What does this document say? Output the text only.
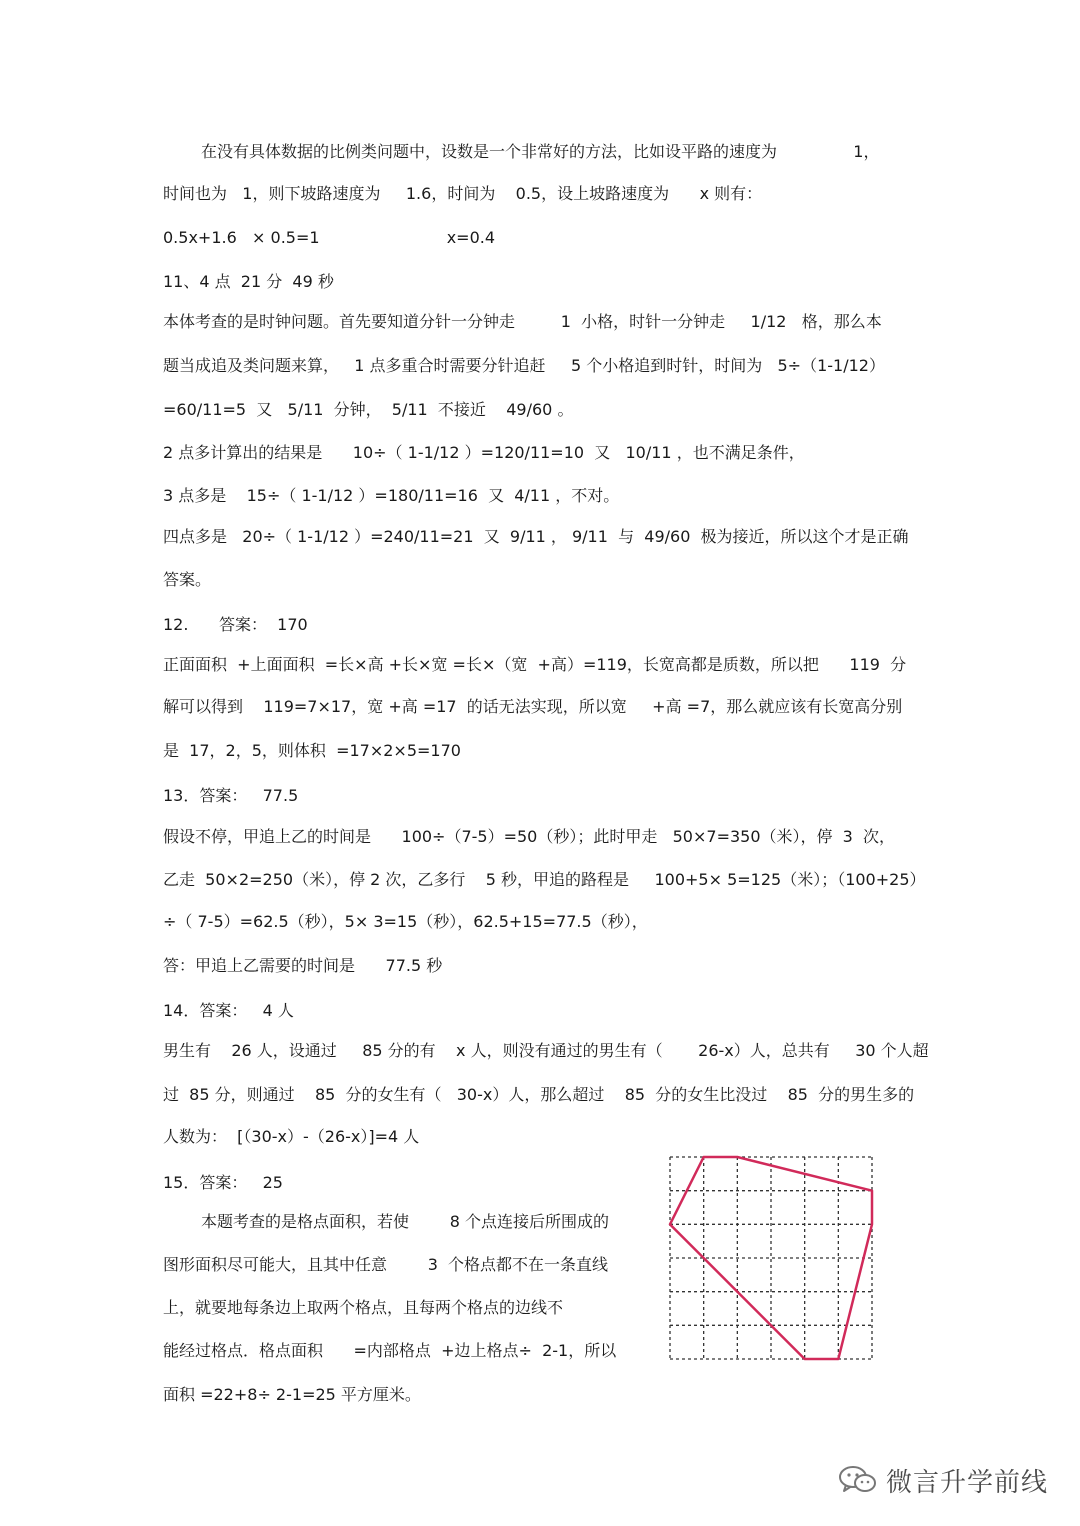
在没有具体数据的比例类问题中，设数是一个非常好的方法，比如设平路的速度为               1，
时间也为   1，则下坡路速度为     1.6，时间为    0.5，设上坡路速度为      x 则有：
0.5x+1.6   × 0.5=1                         x=0.4
11、4 点  21 分  49 秒
本体考查的是时钟问题。首先要知道分针一分钟走         1  小格，时针一分钟走     1/12   格，那么本
题当成追及类问题来算，   1 点多重合时需要分针追赶     5 个小格追到时针，时间为   5÷（1-1/12）
=60/11=5  又   5/11  分钟，  5/11  不接近    49/60 。
2 点多计算出的结果是      10÷（ 1-1/12 ）=120/11=10  又   10/11 ，也不满足条件，
3 点多是    15÷（ 1-1/12 ）=180/11=16  又  4/11 ，不对。
四点多是   20÷（ 1-1/12 ）=240/11=21  又  9/11 ， 9/11  与  49/60  极为接近，所以这个才是正确
答案。
12.      答案：  170
正面面积  +上面面积  =长×高 +长×宽 =长×（宽  +高）=119，长宽高都是质数，所以把      119  分
解可以得到    119=7×17，宽 +高 =17  的话无法实现，所以宽     +高 =7，那么就应该有长宽高分别
是  17，2，5，则体积  =17×2×5=170
13．答案：   77.5
假设不停，甲追上乙的时间是      100÷（7-5）=50（秒）；此时甲走   50×7=350（米），停  3  次，
乙走  50×2=250（米），停 2 次，乙多行    5 秒，甲追的路程是     100+5× 5=125（米）；（100+25）
÷（ 7-5）=62.5（秒），5× 3=15（秒），62.5+15=77.5（秒），
答：甲追上乙需要的时间是      77.5 秒
14．答案：   4 人
男生有    26 人，设通过     85 分的有    x 人，则没有通过的男生有（       26-x）人，总共有     30 个人超
过  85 分，则通过    85  分的女生有（   30-x）人，那么超过    85  分的女生比没过    85  分的男生多的
人数为：  [（30-x）-（26-x）]=4 人
15．答案：   25
本题考查的是格点面积，若使        8 个点连接后所围成的
图形面积尽可能大，且其中任意        3  个格点都不在一条直线
上，就要地每条边上取两个格点，且每两个格点的边线不
能经过格点．格点面积      =内部格点  +边上格点÷  2-1，所以
面积 =22+8÷ 2-1=25 平方厘米。
微言升学前线
